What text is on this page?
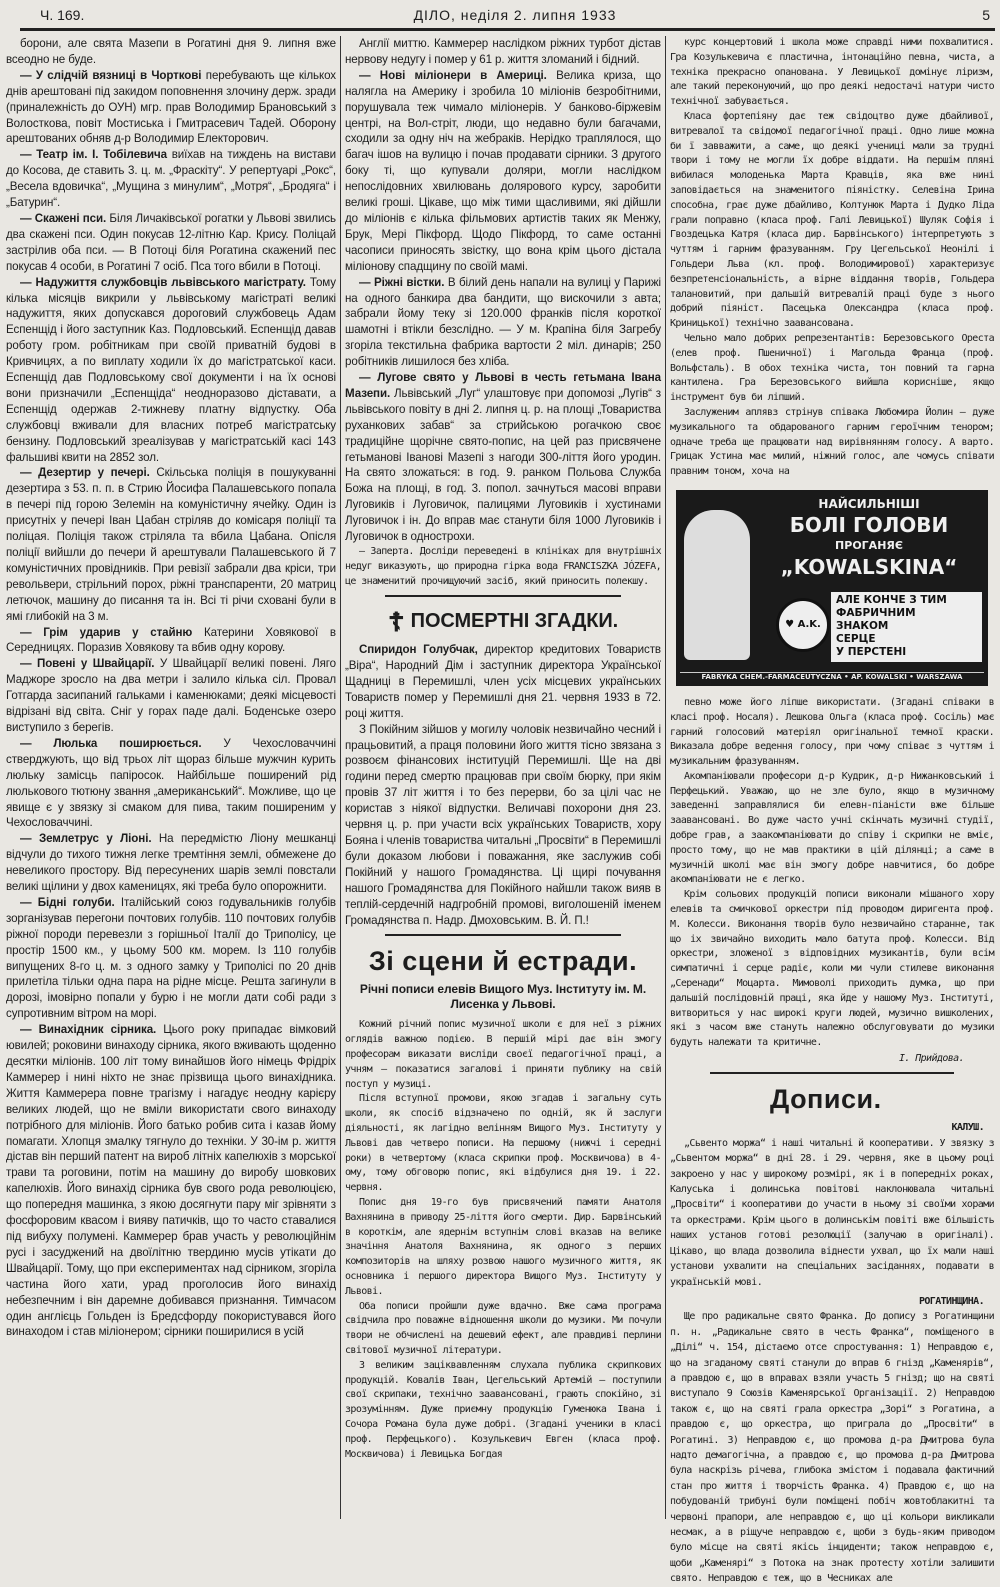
Ч. 169.	ДІЛО, неділя 2. липня 1933	5

борони, але свята Мазепи в Рогатині дня 9. липня вже всеодно не буде.

— У слідчій вязниці в Чорткові перебувають ще кількох днів арештовані під закидом поповнення злочину держ. зради (приналежність до ОУН) мгр. прав Володимир Брановський з Волосткова, повіт Мостиська і Гмитрасевич Тадей. Оборону арештованих обняв д-р Володимир Електорович.

— Театр ім. І. Тобілевича виїхав на тиждень на вистави до Косова, де ставить 3. ц. м. „Фраскіту“. У репертуарі „Рокс“, „Весела вдовичка“, „Мущина з минулим“, „Мотря“, „Бродяга“ і „Батурин“.

— Скажені пси. Біля Личаківської рогатки у Львові звились два скажені пси. Один покусав 12-літню Кар. Крису. Поліцай застрілив оба пси. — В Потоці біля Рогатина скажений пес покусав 4 особи, в Рогатині 7 осіб. Пса того вбили в Потоці.

— Надужиття службовців львівського магістрату. Тому кілька місяців викрили у львівському магістраті великі надужиття, яких допускався дороговий службовець Адам Еспенщід і його заступник Каз. Подловський. Еспенщід давав роботу гром. робітникам при своїй приватній будові в Кривчицях, а по виплату ходили їх до магістратської каси. Еспенщід дав Подловському свої документи і на їх основі вони призначили „Еспенщіда“ неодноразово діставати, а Еспенщід одержав 2-тижневу платну відпустку. Оба службовці вживали для власних потреб магістратську бензину. Подловський зреалізував у магістратській касі 143 фальшиві квити на 2852 зол.

— Дезертир у печері. Скільська поліція в пошукуванні дезертира з 53. п. п. в Стрию Йосифа Палашевського попала в печері під горою Зелемін на комуністичну ячейку. Один із присутніх у печері Іван Цабан стріляв до комісаря поліції та поліцая. Поліція також стріляла та вбила Цабана. Опісля поліції вийшли до печери й арештували Палашевського й 7 комуністичних провідників. При ревізії забрали два кріси, три револьвери, стрільний порох, ріжні транспаренти, 20 матриц летючок, машину до писання та ін. Всі ті річи сховані були в ямі глибокій на 3 м.

— Грім ударив у стайню Катерини Ховякової в Середницях. Поразив Ховякову та вбив одну корову.

— Повені у Швайцарії. У Швайцарії великі повені. Ляго Маджоре зросло на два метри і залило кілька сіл. Провал Готгарда засипаний гальками і каменюками; деякі місцевості відрізані від світа. Сніг у горах паде далі. Боденське озеро виступило з берегів.

— Люлька поширюється. У Чехословаччині стверджують, що від трьох літ щораз більше мужчин курить люльку замісць папіросок. Найбільше поширений рід люлькового тютюну звання „американський“. Можливе, що це явище є у звязку зі смаком для пива, таким поширеним у Чехословаччині.

— Землетрус у Ліоні. На передмістю Ліону мешканці відчули до тихого тижня легке тремтіння землі, обмежене до невеликого простору. Від пересунених шарів землі повстали великі щілини у двох каменицях, які треба було опорожнити.

— Бідні голуби. Італійський союз годувальників голубів зорганізував перегони почтових голубів. 110 почтових голубів ріжної породи перевезли з горішньої Італії до Триполісу, це простір 1500 км., у цьому 500 км. морем. Із 110 голубів випущених 8-го ц. м. з одного замку у Триполісі по 20 днів прилетіла тільки одна пара на рідне місце. Решта загинули в дорозі, імовірно попали у бурю і не могли дати собі ради з супротивним вітром на морі.

— Винахідник сірника. Цього року припадає вімковий ювилей; роковини винаходу сірника, якого вживають щоденно десятки міліонів. 100 літ тому винайшов його німець Фрідріх Каммерер і нині ніхто не знає прізвища цього винахідника. Життя Каммерера повне трагізму і нагадує неодну карієру великих людей, що не вміли використати свого винаходу потрібного для міліонів. Його батько робив сита і казав йому помагати. Хлопця змалку тягнуло до техніки. У 30-ім р. життя дістав він перший патент на вироб літніх капелюхів з морської трави та роговини, потім на машину до виробу шовкових капелюхів. Його винахід сірника був свого рода революцією, що попередня машинка, з якою досягнути пару міг зрівняти з фосфоровим квасом і вияву патичків, що то часто ставалися під вибуху полумені. Каммерер брав участь у революційнім русі і засуджений на двоїлітню твердиню мусів утікати до Швайцарії. Тому, що при експериментах над сірником, згоріла частина його хати, урад проголосив його винахід небезпечним і він даремне добивався признання. Тимчасом один англієць Гольден із Бредсфорду покористувався його винаходом і став міліонером; сірники поширилися в усій

Англії миттю. Каммерер наслідком ріжних турбот дістав нервову недугу і помер у 61 р. життя зломаний і бідний.

— Нові міліонери в Америці. Велика криза, що налягла на Америку і зробила 10 міліонів безробітними, порушувала теж чимало міліонерів. У банково-біржевім центрі, на Вол-стріт, люди, що недавно були багачами, сходили за одну ніч на жебраків. Нерідко траплялося, що багач ішов на вулицю і почав продавати сірники. З другого боку ті, що купували доляри, могли наслідком непослідовних хвилювань долярового курсу, заробити великі гроші. Цікаве, що між тими щасливими, які дійшли до міліонів є кілька фільмових артистів таких як Менжу, Брук, Мері Пікфорд. Щодо Пікфорд, то саме останні часописи приносять звістку, що вона крім цього дістала міліонову спадщину по своїй мамі.

— Ріжні вістки. В білий день напали на вулиці у Парижі на одного банкира два бандити, що вискочили з авта; забрали йому теку зі 120.000 франків після короткої шамотні і втікли безслідно. — У м. Крапіна біля Загребу згоріла текстильна фабрика вартости 2 міл. динарів; 250 робітників лишилося без хліба.

— Лугове свято у Львові в честь гетьмана Івана Мазепи. Львівський „Луг“ улаштовує при допомозі „Лугів“ з львівського повіту в дні 2. липня ц. р. на площі „Товариства руханкових забав“ за стрийською рогачкою своє традиційне щорічне свято-попис, на цей раз присвячене гетьманові Іванові Мазепі з нагоди 300-ліття його уродин. На свято зложаться: в год. 9. ранком Польова Служба Божа на площі, в год. 3. попол. зачнуться масові вправи Луговиків і Луговичок, палицями Луговиків і хустинами Луговичок і ін. До вправ має станути біля 1000 Луговиків і Луговичок в однострохи.

— Заперта. Досліди переведені в клініках для внутрішніх недуг виказують, що природна гірка вода FRANCISZKA JÓZEFA, це знаменитий прочищуючий засіб, який приносить полекшу.

☦ ПОСМЕРТНІ ЗГАДКИ.

Спиридон Голубчак, директор кредитових Товариств „Віра“, Народний Дім і заступник директора Української Щадниці в Перемишлі, член усіх місцевих українських Товариств помер у Перемишлі дня 21. червня 1933 в 72. році життя.

З Покійним зійшов у могилу чоловік незвичайно чесний і працьовитий, а праця половини його життя тісно звязана з розвоєм фінансових інституцій Перемишлі. Ще на дві години перед смертю працював при своїм бюрку, при якім провів 37 літ життя і то без перерви, бо за цілі час не користав з ніякої відпустки. Величаві похорони дня 23. червня ц. р. при участи всіх українських Товариств, хору Бояна і членів товариства читальні „Просвіти“ в Перемишлі були доказом любови і поважання, яке заслужив собі Покійний у нашого Громадянства. Ці щирі почування нашого Громадянства для Покійного найшли також вияв в теплій-сердечній надгробній промові, виголошеній іменем Громадянства п. Надр. Дмоховським. В. Й. П.!

Зі сцени й естради.
Річні пописи елевів Вищого Муз. Інституту ім. М. Лисенка у Львові.

Кожний річний попис музичної школи є для неї з ріжних оглядів важною подією. В першій мірі дає він змогу професорам виказати висліди своєї педагогічної праці, а учням — показатися загалові і приняти публику на свій поступ у музиці.

Після вступної промови, якою згадав і загальну суть школи, як спосіб відзначено по одній, як й заслуги діяльності, як лагідно велінням Вищого Муз. Інституту у Львові дав четверо пописи. На першому (нижчі і середні роки) в четвертому (класа скрипки проф. Москвичова) в 4-ому, тому обговорю попис, які відбулися дня 19. і 22. червня.

Попис дня 19-го був присвячений памяти Анатоля Вахнянина в приводу 25-ліття його смерти. Дир. Барвінський в короткім, але ядернім вступнім слові вказав на велике значіння Анатоля Вахнянина, як одного з перших композиторів на шляху розвою нашого музичного життя, як основника і першого директора Вищого Муз. Інституту у Львові.

Оба пописи пройшли дуже вдачно. Вже сама програма свідчила про поважне відношення школи до музики. Ми почули твори не обчислені на дешевий ефект, але правдиві перлини світової музичної літератури.

З великим заціквавленням слухала публика скрипкових продукцій. Ковалів Іван, Цегельський Артемій — поступили свої скрипаки, технічно заавансовані, грають спокійно, зі зрозумінням. Дуже приємну продукцію Гуменюка Івана і Сочора Романа була дуже добрі. (Згадані ученики в класі проф. Перфецького). Козулькевич Евген (класа проф. Москвичова) і Левицька Богдая

курс концертовий і школа може справді ними похвалитися. Гра Козулькевича є пластична, інтонаційно певна, чиста, а техніка прекрасно опанована. У Левицької домінує ліризм, але такий переконуючий, що про деякі недостачі натури чисто технічної забувається.

Класа фортепіяну дає теж свідоцтво дуже дбайливої, витревалої та свідомої педагогічної праці. Одно лише можна би ї завважити, а саме, що деякі учениці мали за трудні твори і тому не могли їх добре віддати. На першім пляні вибилася молоденька Марта Кравців, яка вже нині заповідається на знаменитого піяністку. Селевіна Ірина способна, грає дуже дбайливо, Колтунюк Марта і Дудко Ліда грали поправно (класа проф. Галі Левицької) Шуляк Софія і Гвоздецька Катря (класа дир. Барвінського) інтерпретують з чуттям і гарним фразуванням. Гру Цегельської Неонілі і Гольдери Льва (кл. проф. Володимирової) характеризує безпретенсіональність, а вірне віддання творів, Гольдера талановитий, при дальшій витревалій праці буде з нього добрий піяніст. Пасецька Олександра (класа проф. Криницької) технічно заавансована.

Чельно мало добрих репрезентантів: Березовського Ореста (елев проф. Пшеничної) і Магольда Франца (проф. Вольфсталь). В обох техніка чиста, тон повний та гарна кантилена. Гра Березовського вийшла корисніше, якщо інструмент був би ліпший.

Заслуженим аплявз стрінув співака Любомира Йолин — дуже музикального та обдарованого гарним героїчним тенором; одначе треба ще працювати над вирівнянням голосу. А варто. Грицак Устина має милий, ніжний голос, але чомусь співати правним тоном, хоча на

НАЙСИЛЬНІШІ
БОЛІ ГОЛОВИ
ПРОГАНЯЄ
„KOWALSKINA“
♥ A.K.
АЛЕ КОНЧЕ З ТИМ
ФАБРИЧНИМ
ЗНАКОМ
СЕРЦЕ
У ПЕРСТЕНІ
FABRYKA CHEM.-FARMACEUTYCZNA • AP. KOWALSKI • WARSZAWA

певно може його ліпше використати. (Згадані співаки в класі проф. Носаля). Лешкова Ольга (класа проф. Сосіль) має гарний голосовий матеріял оригінальної темної краски. Виказала добре ведення голосу, при чому співає з чуттям і музикальним фразуванням.

Акомпаніювали професори д-р Кудрик, д-р Нижанковський і Перфецький. Уважаю, що не зле було, якщо в музичному заведенні заправлялися би елевн-піаністи вже більше заавансовані. Во дуже часто учні скінчать музичні студії, добре грав, а заакомпаніювати до співу і скрипки не вміє, просто тому, що не мав практики в цій ділянці; а саме в музичній школі має він змогу добре навчитися, бо добре акомпаніювати не є легко.

Крім сольових продукцій пописи виконали мішаного хору елевів та смичкової оркестри під проводом диригента проф. М. Колесси. Виконання творів було незвичайно старанне, так що іх звичайно виходить мало батута проф. Колесси. Від оркестри, зложеної з відповідних музикантів, були всім симпатичні і серце радіє, коли ми чули стилеве виконання „Серенади“ Моцарта. Мимоволі приходить думка, що при дальшій послідовній праці, яка йде у нашому Муз. Інституті, витвориться у нас широкі круги людей, музично вишколених, які з часом вже стануть належно обслуговувати до музики будуть належати та критичне.

І. Прийдова.
Дописи.
КАЛУШ.

„Сьвенто моржа“ і наші читальні й кооперативи. У звязку з „Сьвентом моржа“ в дні 28. і 29. червня, яке в цьому році закроено у нас у широкому розмірі, як і в попередніх роках, Калуська і долинська повітові наклонювала читальні „Просвіти“ і кооперативи до участи в ньому зі своїми хорами та оркестрами. Крім цього в долинськім повіті вже більшість наших установ готові резолюції (залучаю в оригіналі). Цікаво, що влада дозволила віднести ухвал, що їх мали наші установи ухвалити на спеціальних засіданнях, подавати в українській мові.

РОГАТИНЩИНА.

Ще про радикальне свято Франка. До допису з Рогатинщини п. н. „Радикальне свято в честь Франка“, поміщеного в „Ділі“ ч. 154, дістаємо отсе спростування: 1) Неправдою є, що на згаданому святі станули до вправ 6 гнізд „Каменярів“, а правдою є, що в вправах взяли участь 5 гнізд; що на святі виступало 9 Союзів Каменярської Організації. 2) Неправдою також є, що на святі грала оркестра „Зорі“ з Рогатина, а правдою є, що оркестра, що приграла до „Просвіти“ в Рогатині. 3) Неправдою є, що промова д-ра Дмитрова була надто демагогічна, а правдою є, що промова д-ра Дмитрова була наскрізь річева, глибока змістом і подавала фактичний стан про життя і творчість Франка. 4) Правдою є, що на побудованій трибуні були поміщені побіч жовтоблакитні та червоні прапори, але неправдою є, що ці кольори викликали несмак, а в ріщуче неправдою є, щоби з будь-яким приводом було місце на святі якісь інциденти; також неправдою є, щоби „Каменярі“ з Потока на знак протесту хотіли залишити свято. Неправдою є теж, що в Чесниках але
